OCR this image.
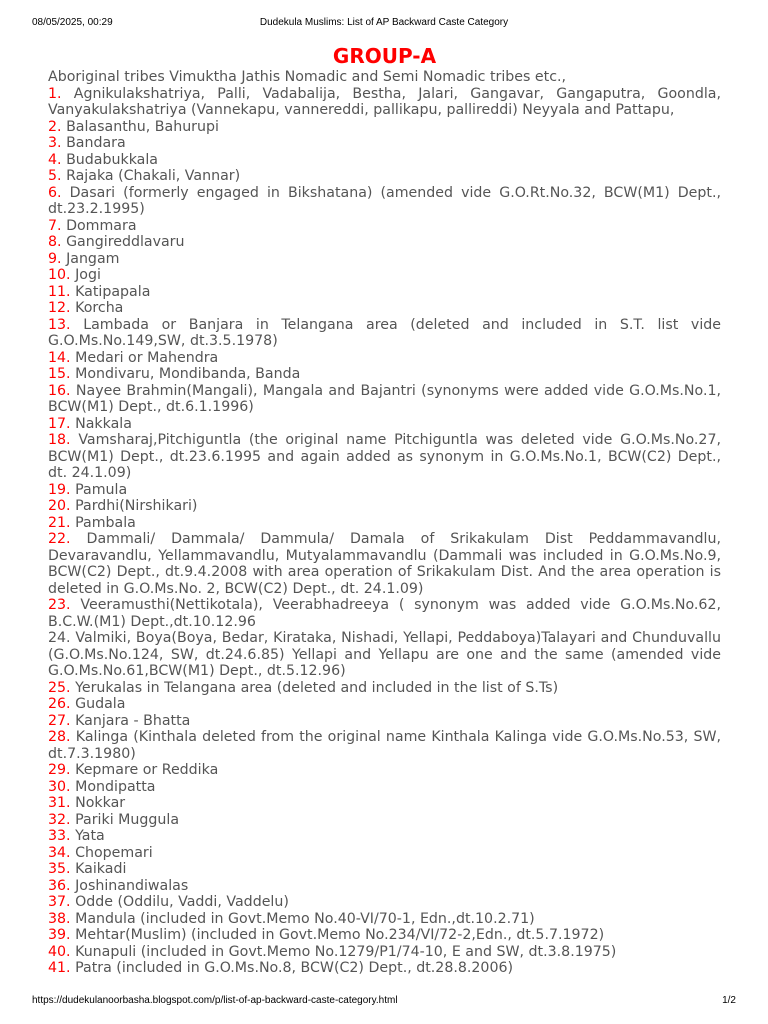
08/05/2025, 00:29	Dudekula Muslims: List of AP Backward Caste Category
GROUP-A
Aboriginal tribes Vimuktha Jathis Nomadic and Semi Nomadic tribes etc.,
1. Agnikulakshatriya, Palli, Vadabalija, Bestha, Jalari, Gangavar, Gangaputra, Goondla, Vanyakulakshatriya (Vannekapu, vannereddi, pallikapu, pallireddi) Neyyala and Pattapu,
2. Balasanthu, Bahurupi
3. Bandara
4. Budabukkala
5. Rajaka (Chakali, Vannar)
6. Dasari (formerly engaged in Bikshatana) (amended vide G.O.Rt.No.32, BCW(M1) Dept., dt.23.2.1995)
7. Dommara
8. Gangireddlavaru
9. Jangam
10. Jogi
11. Katipapala
12. Korcha
13. Lambada or Banjara in Telangana area (deleted and included in S.T. list vide G.O.Ms.No.149,SW, dt.3.5.1978)
14. Medari or Mahendra
15. Mondivaru, Mondibanda, Banda
16. Nayee Brahmin(Mangali), Mangala and Bajantri (synonyms were added vide G.O.Ms.No.1, BCW(M1) Dept., dt.6.1.1996)
17. Nakkala
18. Vamsharaj,Pitchiguntla (the original name Pitchiguntla was deleted vide G.O.Ms.No.27, BCW(M1) Dept., dt.23.6.1995 and again added as synonym in G.O.Ms.No.1, BCW(C2) Dept., dt. 24.1.09)
19. Pamula
20. Pardhi(Nirshikari)
21. Pambala
22. Dammali/ Dammala/ Dammula/ Damala of Srikakulam Dist Peddammavandlu, Devaravandlu, Yellammavandlu, Mutyalammavandlu (Dammali was included in G.O.Ms.No.9, BCW(C2) Dept., dt.9.4.2008 with area operation of Srikakulam Dist. And the area operation is deleted in G.O.Ms.No. 2, BCW(C2) Dept., dt. 24.1.09)
23. Veeramusthi(Nettikotala), Veerabhadreeya ( synonym was added vide G.O.Ms.No.62, B.C.W.(M1) Dept.,dt.10.12.96
24. Valmiki, Boya(Boya, Bedar, Kirataka, Nishadi, Yellapi, Peddaboya)Talayari and Chunduvallu (G.O.Ms.No.124, SW, dt.24.6.85) Yellapi and Yellapu are one and the same (amended vide G.O.Ms.No.61,BCW(M1) Dept., dt.5.12.96)
25. Yerukalas in Telangana area (deleted and included in the list of S.Ts)
26. Gudala
27. Kanjara - Bhatta
28. Kalinga (Kinthala deleted from the original name Kinthala Kalinga vide G.O.Ms.No.53, SW, dt.7.3.1980)
29. Kepmare or Reddika
30. Mondipatta
31. Nokkar
32. Pariki Muggula
33. Yata
34. Chopemari
35. Kaikadi
36. Joshinandiwalas
37. Odde (Oddilu, Vaddi, Vaddelu)
38. Mandula (included in Govt.Memo No.40-VI/70-1, Edn.,dt.10.2.71)
39. Mehtar(Muslim) (included in Govt.Memo No.234/VI/72-2,Edn., dt.5.7.1972)
40. Kunapuli (included in Govt.Memo No.1279/P1/74-10, E and SW, dt.3.8.1975)
41. Patra (included in G.O.Ms.No.8, BCW(C2) Dept., dt.28.8.2006)
https://dudekulanoorbasha.blogspot.com/p/list-of-ap-backward-caste-category.html	1/2
